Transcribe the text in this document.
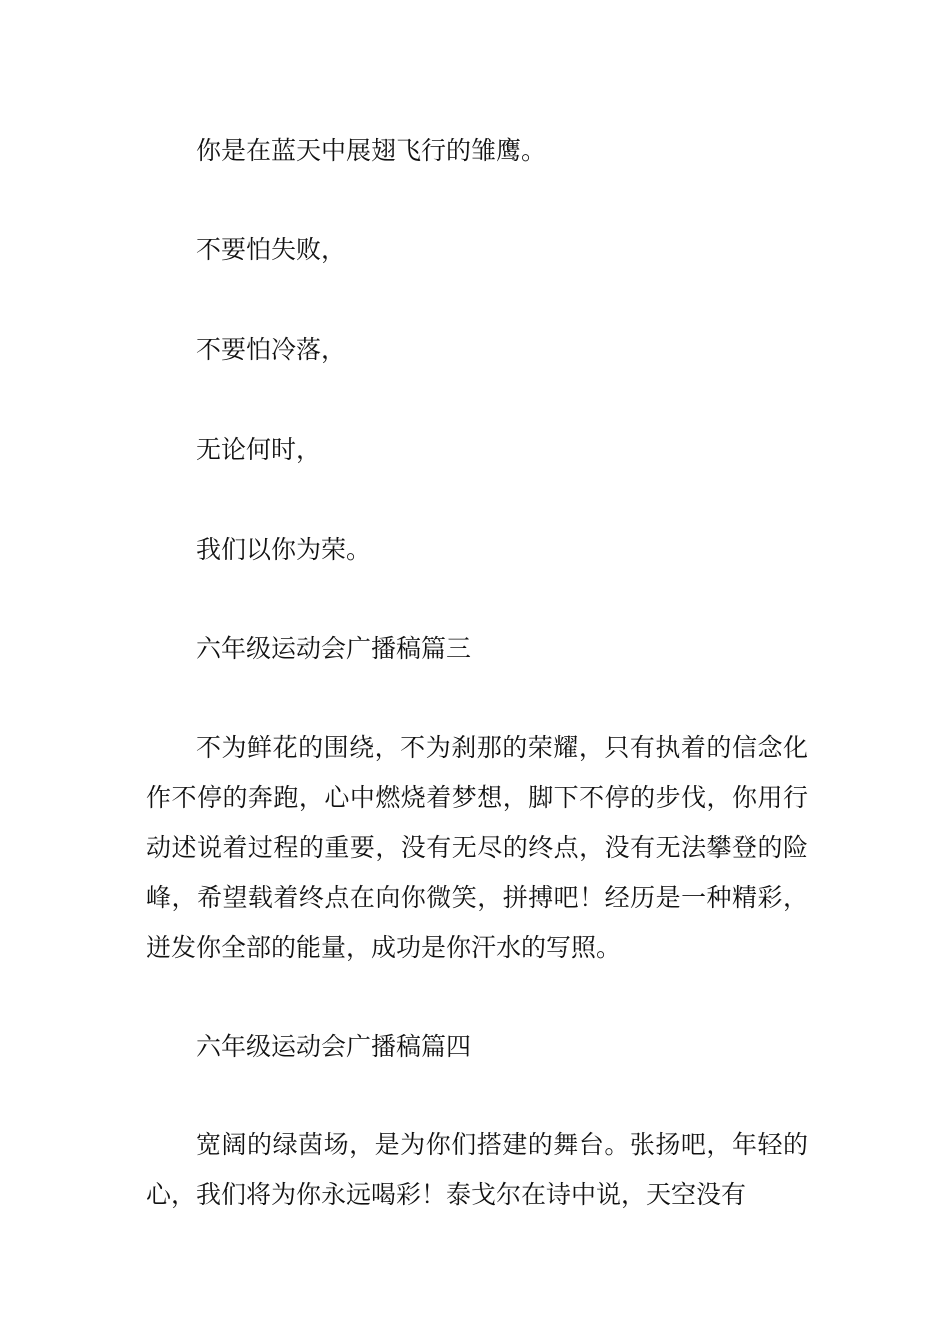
你是在蓝天中展翅飞行的雏鹰。

不要怕失败，

不要怕冷落，

无论何时，

我们以你为荣。

六年级运动会广播稿篇三

不为鲜花的围绕，不为刹那的荣耀，只有执着的信念化作不停的奔跑，心中燃烧着梦想，脚下不停的步伐，你用行动述说着过程的重要，没有无尽的终点，没有无法攀登的险峰，希望载着终点在向你微笑，拼搏吧！经历是一种精彩，迸发你全部的能量，成功是你汗水的写照。

六年级运动会广播稿篇四

宽阔的绿茵场，是为你们搭建的舞台。张扬吧，年轻的心，我们将为你永远喝彩！泰戈尔在诗中说，天空没有
